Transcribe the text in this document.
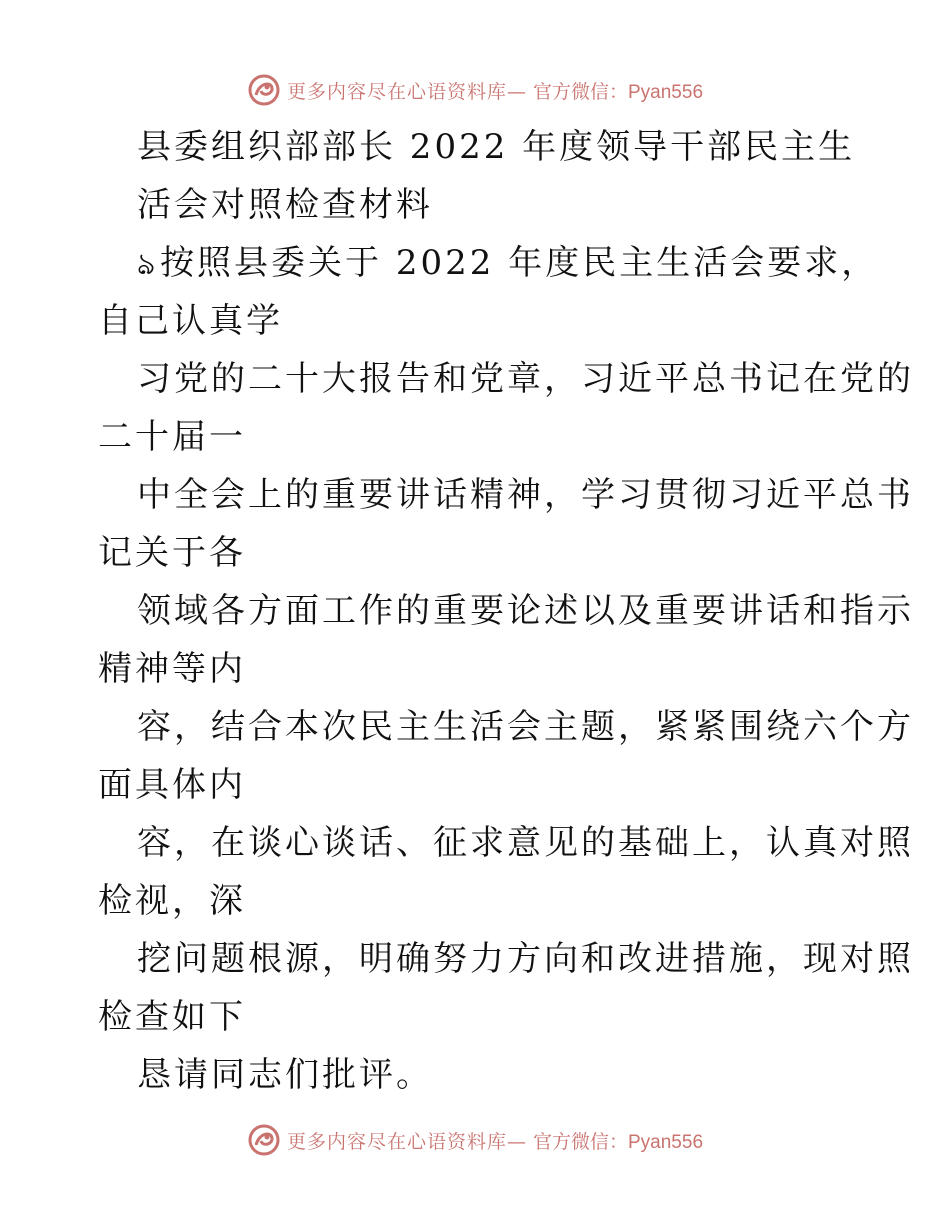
更多内容尽在心语资料库— 官方微信：Pyan556
县委组织部部长 2022 年度领导干部民主生
活会对照检查材料
ঌ按照县委关于 2022 年度民主生活会要求，
自己认真学
习党的二十大报告和党章，习近平总书记在党的
二十届一
中全会上的重要讲话精神，学习贯彻习近平总书
记关于各
领域各方面工作的重要论述以及重要讲话和指示
精神等内
容，结合本次民主生活会主题，紧紧围绕六个方
面具体内
容，在谈心谈话、征求意见的基础上，认真对照
检视，深
挖问题根源，明确努力方向和改进措施，现对照
检查如下
恳请同志们批评。
更多内容尽在心语资料库— 官方微信：Pyan556
